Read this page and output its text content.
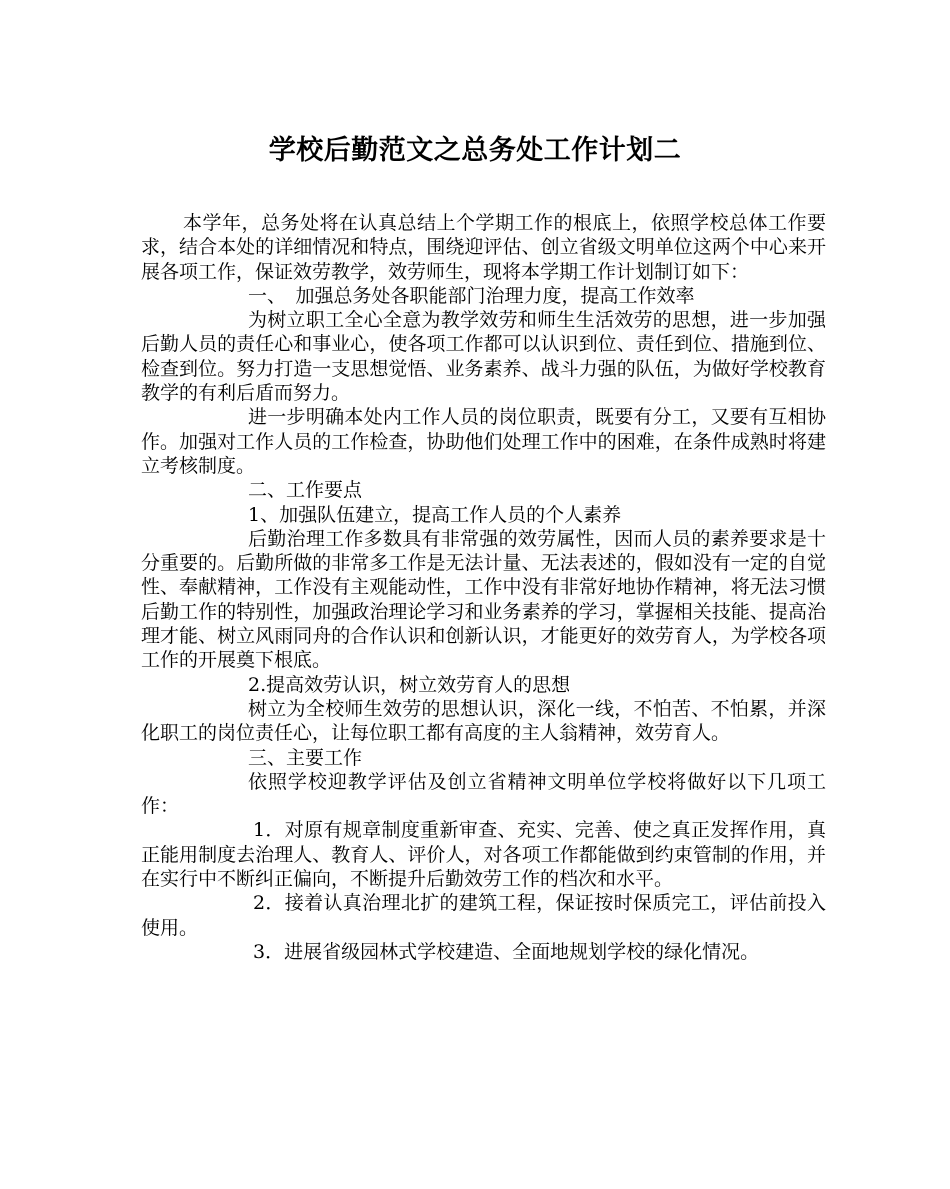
学校后勤范文之总务处工作计划二

本学年，总务处将在认真总结上个学期工作的根底上，依照学校总体工作要求，结合本处的详细情况和特点，围绕迎评估、创立省级文明单位这两个中心来开展各项工作，保证效劳教学，效劳师生，现将本学期工作计划制订如下：

一、　加强总务处各职能部门治理力度，提高工作效率

为树立职工全心全意为教学效劳和师生生活效劳的思想，进一步加强后勤人员的责任心和事业心，使各项工作都可以认识到位、责任到位、措施到位、检查到位。努力打造一支思想觉悟、业务素养、战斗力强的队伍，为做好学校教育教学的有利后盾而努力。

进一步明确本处内工作人员的岗位职责，既要有分工，又要有互相协作。加强对工作人员的工作检查，协助他们处理工作中的困难，在条件成熟时将建立考核制度。

二、工作要点

1、加强队伍建立，提高工作人员的个人素养

后勤治理工作多数具有非常强的效劳属性，因而人员的素养要求是十分重要的。后勤所做的非常多工作是无法计量、无法表述的，假如没有一定的自觉性、奉献精神，工作没有主观能动性，工作中没有非常好地协作精神，将无法习惯后勤工作的特别性，加强政治理论学习和业务素养的学习，掌握相关技能、提高治理才能、树立风雨同舟的合作认识和创新认识，才能更好的效劳育人，为学校各项工作的开展奠下根底。

2.提高效劳认识，树立效劳育人的思想

树立为全校师生效劳的思想认识，深化一线，不怕苦、不怕累，并深化职工的岗位责任心，让每位职工都有高度的主人翁精神，效劳育人。

三、主要工作

依照学校迎教学评估及创立省精神文明单位学校将做好以下几项工作：

1．对原有规章制度重新审查、充实、完善、使之真正发挥作用，真正能用制度去治理人、教育人、评价人，对各项工作都能做到约束管制的作用，并在实行中不断纠正偏向，不断提升后勤效劳工作的档次和水平。

2．接着认真治理北扩的建筑工程，保证按时保质完工，评估前投入使用。

3．进展省级园林式学校建造、全面地规划学校的绿化情况。
